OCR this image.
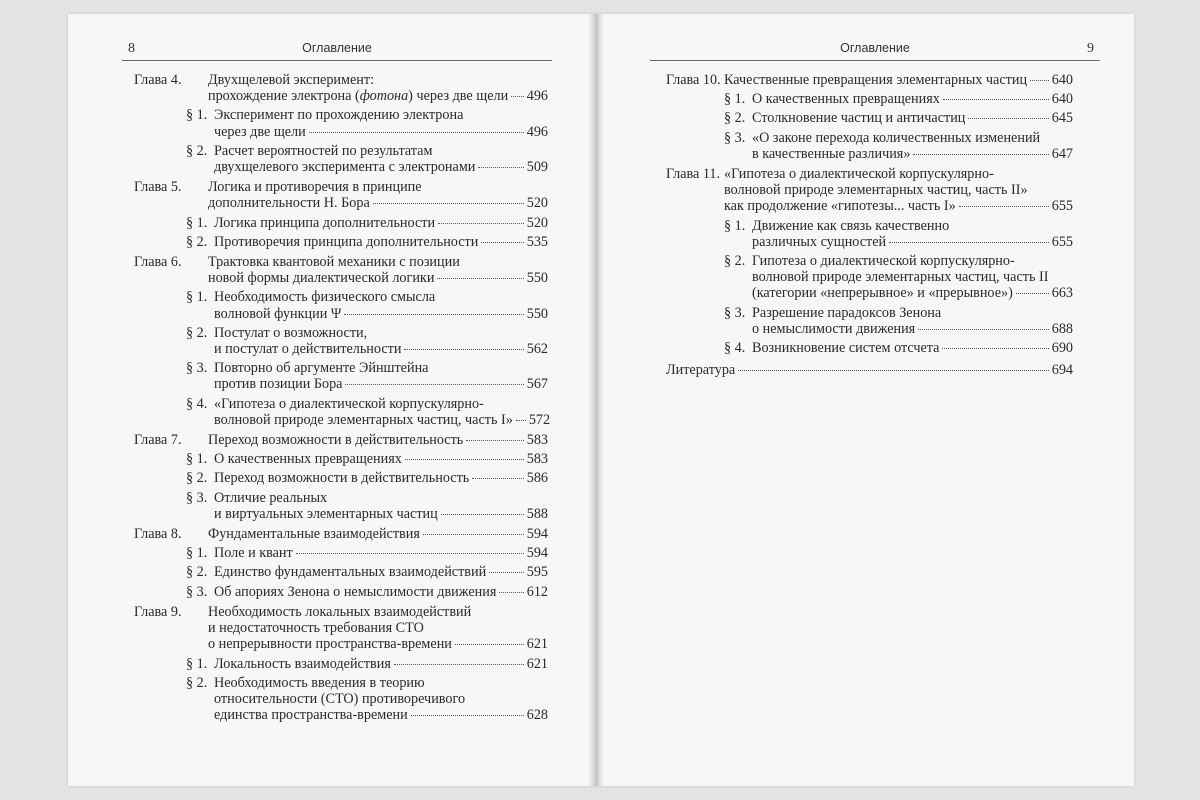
8	Оглавление	Оглавление	9
Глава 4.	Двухщелевой эксперимент:
прохождение электрона (фотона) через две щели 496
§ 1. Эксперимент по прохождению электрона
через две щели	496
§ 2. Расчет вероятностей по результатам
двухщелевого эксперимента с электронами	509
Глава 5.	Логика и противоречия в принципе
дополнительности Н. Бора	520
§ 1. Логика принципа дополнительности	520
§ 2. Противоречия принципа дополнительности	535
Глава 6.	Трактовка квантовой механики с позиции
новой формы диалектической логики	550
§ 1. Необходимость физического смысла
волновой функции Ψ	550
§ 2. Постулат о возможности,
и постулат о действительности	562
§ 3. Повторно об аргументе Эйнштейна
против позиции Бора	567
§ 4. «Гипотеза о диалектической корпускулярно-
волновой природе элементарных частиц, часть I» 572
Глава 7.	Переход возможности в действительность	583
§ 1. О качественных превращениях	583
§ 2. Переход возможности в действительность	586
§ 3. Отличие реальных
и виртуальных элементарных частиц	588
Глава 8.	Фундаментальные взаимодействия	594
§ 1. Поле и квант	594
§ 2. Единство фундаментальных взаимодействий	595
§ 3. Об апориях Зенона о немыслимости движения 612
Глава 9.	Необходимость локальных взаимодействий
и недостаточность требования СТО
о непрерывности пространства-времени	621
§ 1. Локальность взаимодействия	621
§ 2. Необходимость введения в теорию
относительности (СТО) противоречивого
единства пространства-времени	628
Глава 10. Качественные превращения элементарных частиц 640
§ 1. О качественных превращениях	640
§ 2. Столкновение частиц и античастиц	645
§ 3. «О законе перехода количественных изменений
в качественные различия»	647
Глава 11. «Гипотеза о диалектической корпускулярно-
волновой природе элементарных частиц, часть II»
как продолжение «гипотезы... часть I»	655
§ 1. Движение как связь качественно
различных сущностей	655
§ 2. Гипотеза о диалектической корпускулярно-
волновой природе элементарных частиц, часть II
(категории «непрерывное» и «прерывное»)	663
§ 3. Разрешение парадоксов Зенона
о немыслимости движения	688
§ 4. Возникновение систем отсчета	690
Литература	694
